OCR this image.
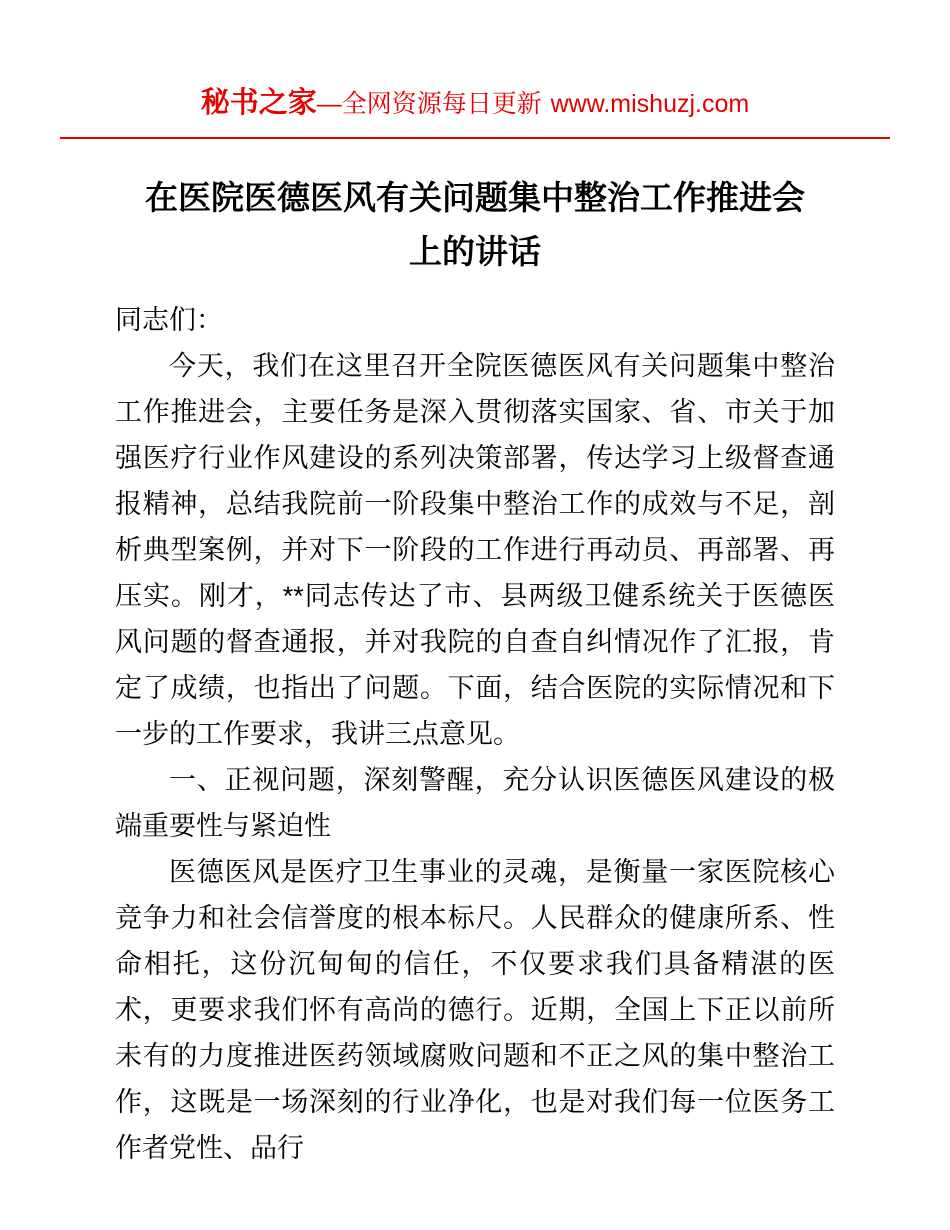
秘书之家—全网资源每日更新 www.mishuzj.com
在医院医德医风有关问题集中整治工作推进会上的讲话

同志们：

今天，我们在这里召开全院医德医风有关问题集中整治工作推进会，主要任务是深入贯彻落实国家、省、市关于加强医疗行业作风建设的系列决策部署，传达学习上级督查通报精神，总结我院前一阶段集中整治工作的成效与不足，剖析典型案例，并对下一阶段的工作进行再动员、再部署、再压实。刚才，**同志传达了市、县两级卫健系统关于医德医风问题的督查通报，并对我院的自查自纠情况作了汇报，肯定了成绩，也指出了问题。下面，结合医院的实际情况和下一步的工作要求，我讲三点意见。

一、正视问题，深刻警醒，充分认识医德医风建设的极端重要性与紧迫性

医德医风是医疗卫生事业的灵魂，是衡量一家医院核心竞争力和社会信誉度的根本标尺。人民群众的健康所系、性命相托，这份沉甸甸的信任，不仅要求我们具备精湛的医术，更要求我们怀有高尚的德行。近期，全国上下正以前所未有的力度推进医药领域腐败问题和不正之风的集中整治工作，这既是一场深刻的行业净化，也是对我们每一位医务工作者党性、品行
